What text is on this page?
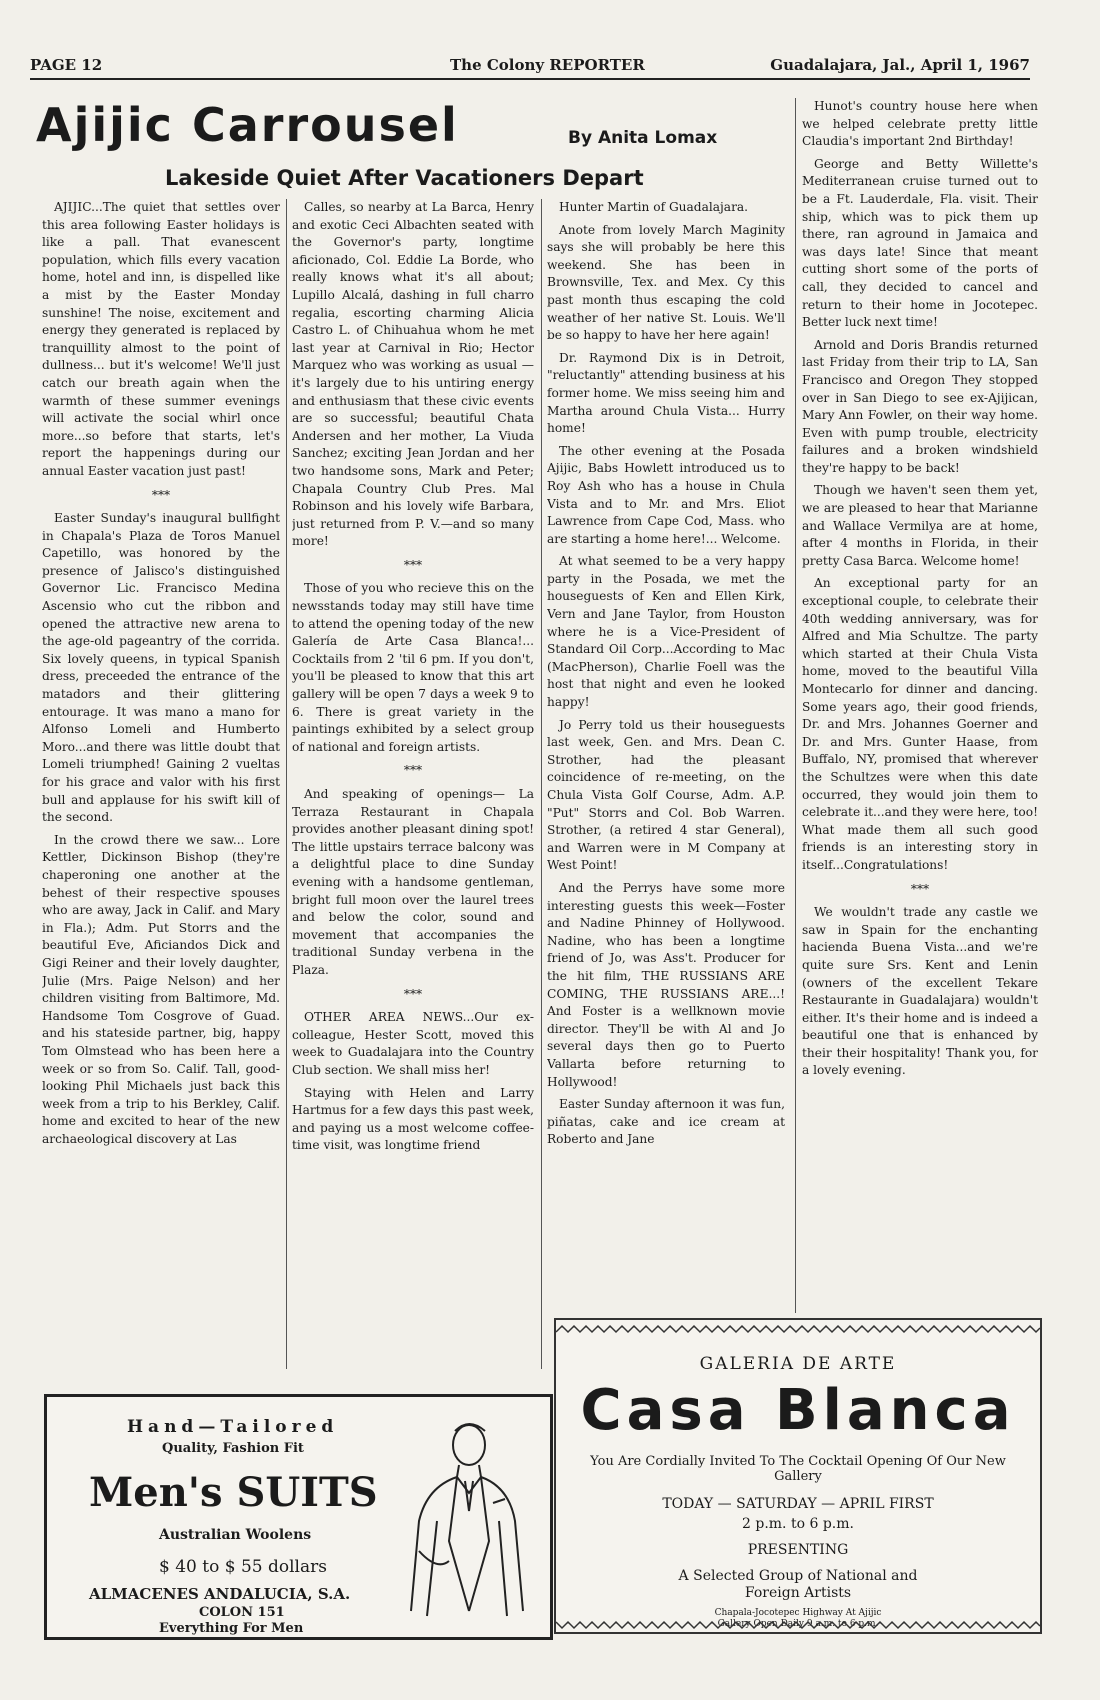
PAGE 12	The Colony REPORTER	Guadalajara, Jal., April 1, 1967
Ajijic Carrousel	By Anita Lomax
Lakeside Quiet After Vacationers Depart

AJIJIC...The quiet that settles over this area following Easter holidays is like a pall. That evanescent population, which fills every vacation home, hotel and inn, is dispelled like a mist by the Easter Monday sunshine! The noise, excitement and energy they generated is replaced by tranquillity almost to the point of dullness... but it's welcome! We'll just catch our breath again when the warmth of these summer evenings will activate the social whirl once more...so before that starts, let's report the happenings during our annual Easter vacation just past!

***

Easter Sunday's inaugural bullfight in Chapala's Plaza de Toros Manuel Capetillo, was honored by the presence of Jalisco's distinguished Governor Lic. Francisco Medina Ascensio who cut the ribbon and opened the attractive new arena to the age-old pageantry of the corrida. Six lovely queens, in typical Spanish dress, preceeded the entrance of the matadors and their glittering entourage. It was mano a mano for Alfonso Lomeli and Humberto Moro...and there was little doubt that Lomeli triumphed! Gaining 2 vueltas for his grace and valor with his first bull and applause for his swift kill of the second.

In the crowd there we saw... Lore Kettler, Dickinson Bishop (they're chaperoning one another at the behest of their respective spouses who are away, Jack in Calif. and Mary in Fla.); Adm. Put Storrs and the beautiful Eve, Aficiandos Dick and Gigi Reiner and their lovely daughter, Julie (Mrs. Paige Nelson) and her children visiting from Baltimore, Md. Handsome Tom Cosgrove of Guad. and his stateside partner, big, happy Tom Olmstead who has been here a week or so from So. Calif. Tall, good-looking Phil Michaels just back this week from a trip to his Berkley, Calif. home and excited to hear of the new archaeological discovery at Las

Calles, so nearby at La Barca, Henry and exotic Ceci Albachten seated with the Governor's party, longtime aficionado, Col. Eddie La Borde, who really knows what it's all about; Lupillo Alcalá, dashing in full charro regalia, escorting charming Alicia Castro L. of Chihuahua whom he met last year at Carnival in Rio; Hector Marquez who was working as usual —it's largely due to his untiring energy and enthusiasm that these civic events are so successful; beautiful Chata Andersen and her mother, La Viuda Sanchez; exciting Jean Jordan and her two handsome sons, Mark and Peter; Chapala Country Club Pres. Mal Robinson and his lovely wife Barbara, just returned from P. V.—and so many more!

***

Those of you who recieve this on the newsstands today may still have time to attend the opening today of the new Galería de Arte Casa Blanca!... Cocktails from 2 'til 6 pm. If you don't, you'll be pleased to know that this art gallery will be open 7 days a week 9 to 6. There is great variety in the paintings exhibited by a select group of national and foreign artists.

***

And speaking of openings— La Terraza Restaurant in Chapala provides another pleasant dining spot! The little upstairs terrace balcony was a delightful place to dine Sunday evening with a handsome gentleman, bright full moon over the laurel trees and below the color, sound and movement that accompanies the traditional Sunday verbena in the Plaza.

***

OTHER AREA NEWS...Our ex-colleague, Hester Scott, moved this week to Guadalajara into the Country Club section. We shall miss her!

Staying with Helen and Larry Hartmus for a few days this past week, and paying us a most welcome coffee-time visit, was longtime friend

Hunter Martin of Guadalajara.

Anote from lovely March Maginity says she will probably be here this weekend. She has been in Brownsville, Tex. and Mex. Cy this past month thus escaping the cold weather of her native St. Louis. We'll be so happy to have her here again!

Dr. Raymond Dix is in Detroit, "reluctantly" attending business at his former home. We miss seeing him and Martha around Chula Vista... Hurry home!

The other evening at the Posada Ajijic, Babs Howlett introduced us to Roy Ash who has a house in Chula Vista and to Mr. and Mrs. Eliot Lawrence from Cape Cod, Mass. who are starting a home here!... Welcome.

At what seemed to be a very happy party in the Posada, we met the houseguests of Ken and Ellen Kirk, Vern and Jane Taylor, from Houston where he is a Vice-President of Standard Oil Corp...According to Mac (MacPherson), Charlie Foell was the host that night and even he looked happy!

Jo Perry told us their houseguests last week, Gen. and Mrs. Dean C. Strother, had the pleasant coincidence of re-meeting, on the Chula Vista Golf Course, Adm. A.P. "Put" Storrs and Col. Bob Warren. Strother, (a retired 4 star General), and Warren were in M Company at West Point!

And the Perrys have some more interesting guests this week—Foster and Nadine Phinney of Hollywood. Nadine, who has been a longtime friend of Jo, was Ass't. Producer for the hit film, THE RUSSIANS ARE COMING, THE RUSSIANS ARE...! And Foster is a wellknown movie director. They'll be with Al and Jo several days then go to Puerto Vallarta before returning to Hollywood!

Easter Sunday afternoon it was fun, piñatas, cake and ice cream at Roberto and Jane

Hunot's country house here when we helped celebrate pretty little Claudia's important 2nd Birthday!

George and Betty Willette's Mediterranean cruise turned out to be a Ft. Lauderdale, Fla. visit. Their ship, which was to pick them up there, ran aground in Jamaica and was days late! Since that meant cutting short some of the ports of call, they decided to cancel and return to their home in Jocotepec. Better luck next time!

Arnold and Doris Brandis returned last Friday from their trip to LA, San Francisco and Oregon They stopped over in San Diego to see ex-Ajijican, Mary Ann Fowler, on their way home. Even with pump trouble, electricity failures and a broken windshield they're happy to be back!

Though we haven't seen them yet, we are pleased to hear that Marianne and Wallace Vermilya are at home, after 4 months in Florida, in their pretty Casa Barca. Welcome home!

An exceptional party for an exceptional couple, to celebrate their 40th wedding anniversary, was for Alfred and Mia Schultze. The party which started at their Chula Vista home, moved to the beautiful Villa Montecarlo for dinner and dancing. Some years ago, their good friends, Dr. and Mrs. Johannes Goerner and Dr. and Mrs. Gunter Haase, from Buffalo, NY, promised that wherever the Schultzes were when this date occurred, they would join them to celebrate it...and they were here, too! What made them all such good friends is an interesting story in itself...Congratulations!

***

We wouldn't trade any castle we saw in Spain for the enchanting hacienda Buena Vista...and we're quite sure Srs. Kent and Lenin (owners of the excellent Tekare Restaurante in Guadalajara) wouldn't either. It's their home and is indeed a beautiful one that is enhanced by their their hospitality! Thank you, for a lovely evening.

Hand—Tailored
Quality, Fashion Fit
Men's SUITS
Australian Woolens
$ 40 to $ 55 dollars
ALMACENES ANDALUCIA, S.A.
COLON 151
Everything For Men
GALERIA DE ARTE
Casa Blanca
You Are Cordially Invited To The Cocktail Opening Of Our New Gallery
TODAY — SATURDAY — APRIL FIRST
2 p.m. to 6 p.m.
PRESENTING
A Selected Group of National and Foreign Artists
Chapala-Jocotepec Highway At Ajijic
Gallery Open Daily 9 a.m. to 6 p.m.
